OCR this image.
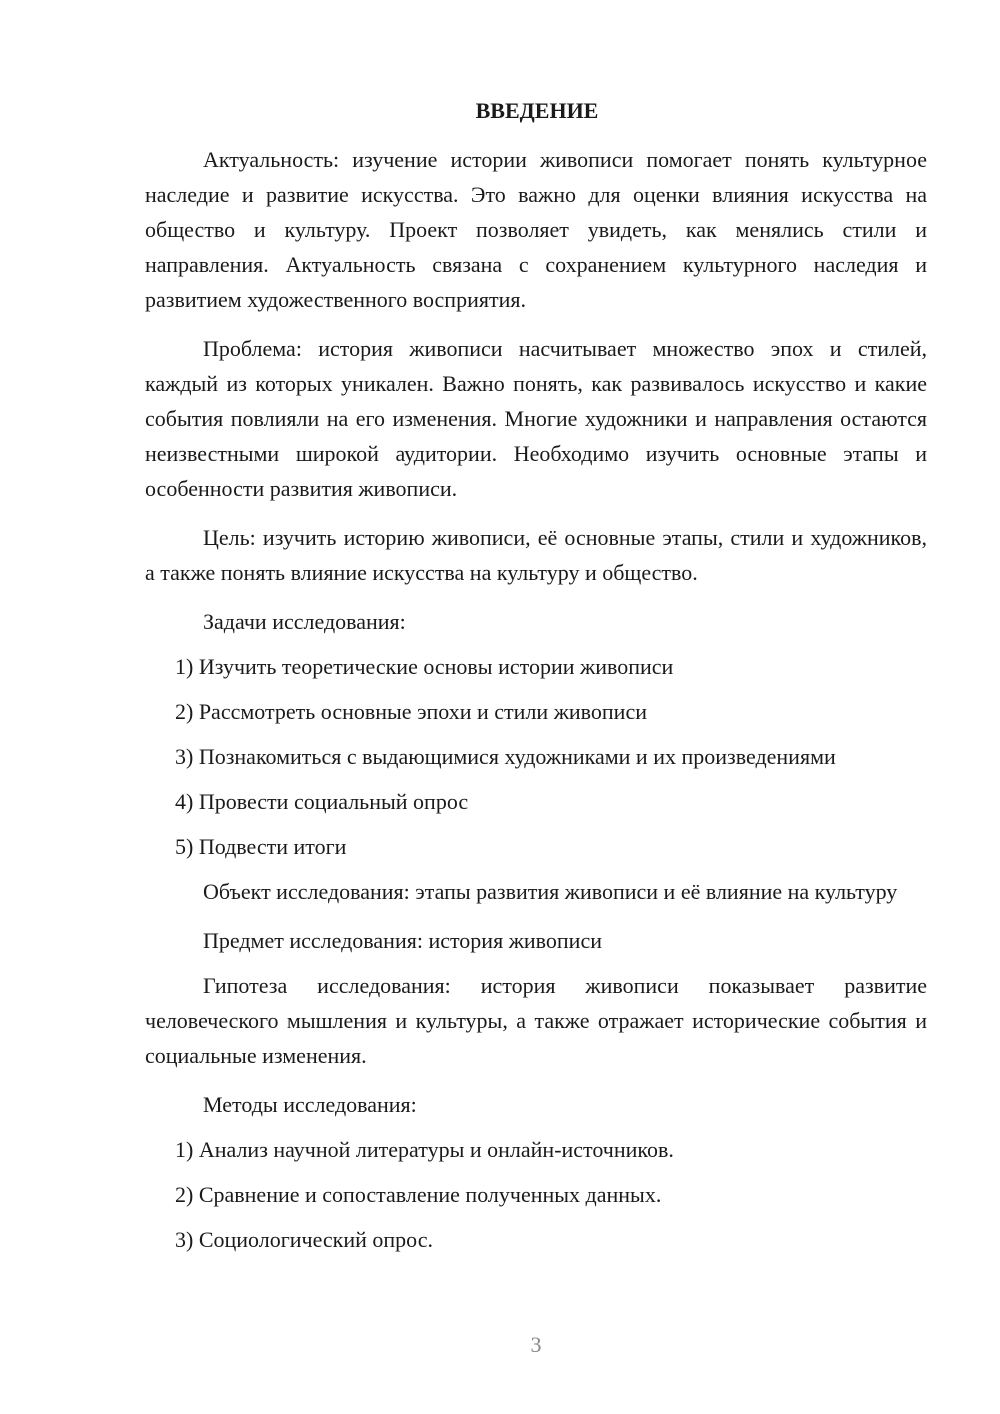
ВВЕДЕНИЕ

Актуальность: изучение истории живописи помогает понять культурное наследие и развитие искусства. Это важно для оценки влияния искусства на общество и культуру. Проект позволяет увидеть, как менялись стили и направления. Актуальность связана с сохранением культурного наследия и развитием художественного восприятия.

Проблема: история живописи насчитывает множество эпох и стилей, каждый из которых уникален. Важно понять, как развивалось искусство и какие события повлияли на его изменения. Многие художники и направления остаются неизвестными широкой аудитории. Необходимо изучить основные этапы и особенности развития живописи.

Цель: изучить историю живописи, её основные этапы, стили и художников, а также понять влияние искусства на культуру и общество.

Задачи исследования:

1) Изучить теоретические основы истории живописи
2) Рассмотреть основные эпохи и стили живописи
3) Познакомиться с выдающимися художниками и их произведениями
4) Провести социальный опрос
5) Подвести итоги

Объект исследования: этапы развития живописи и её влияние на культуру

Предмет исследования: история живописи

Гипотеза исследования: история живописи показывает развитие человеческого мышления и культуры, а также отражает исторические события и социальные изменения.

Методы исследования:

1) Анализ научной литературы и онлайн-источников.
2) Сравнение и сопоставление полученных данных.
3) Социологический опрос.
3
